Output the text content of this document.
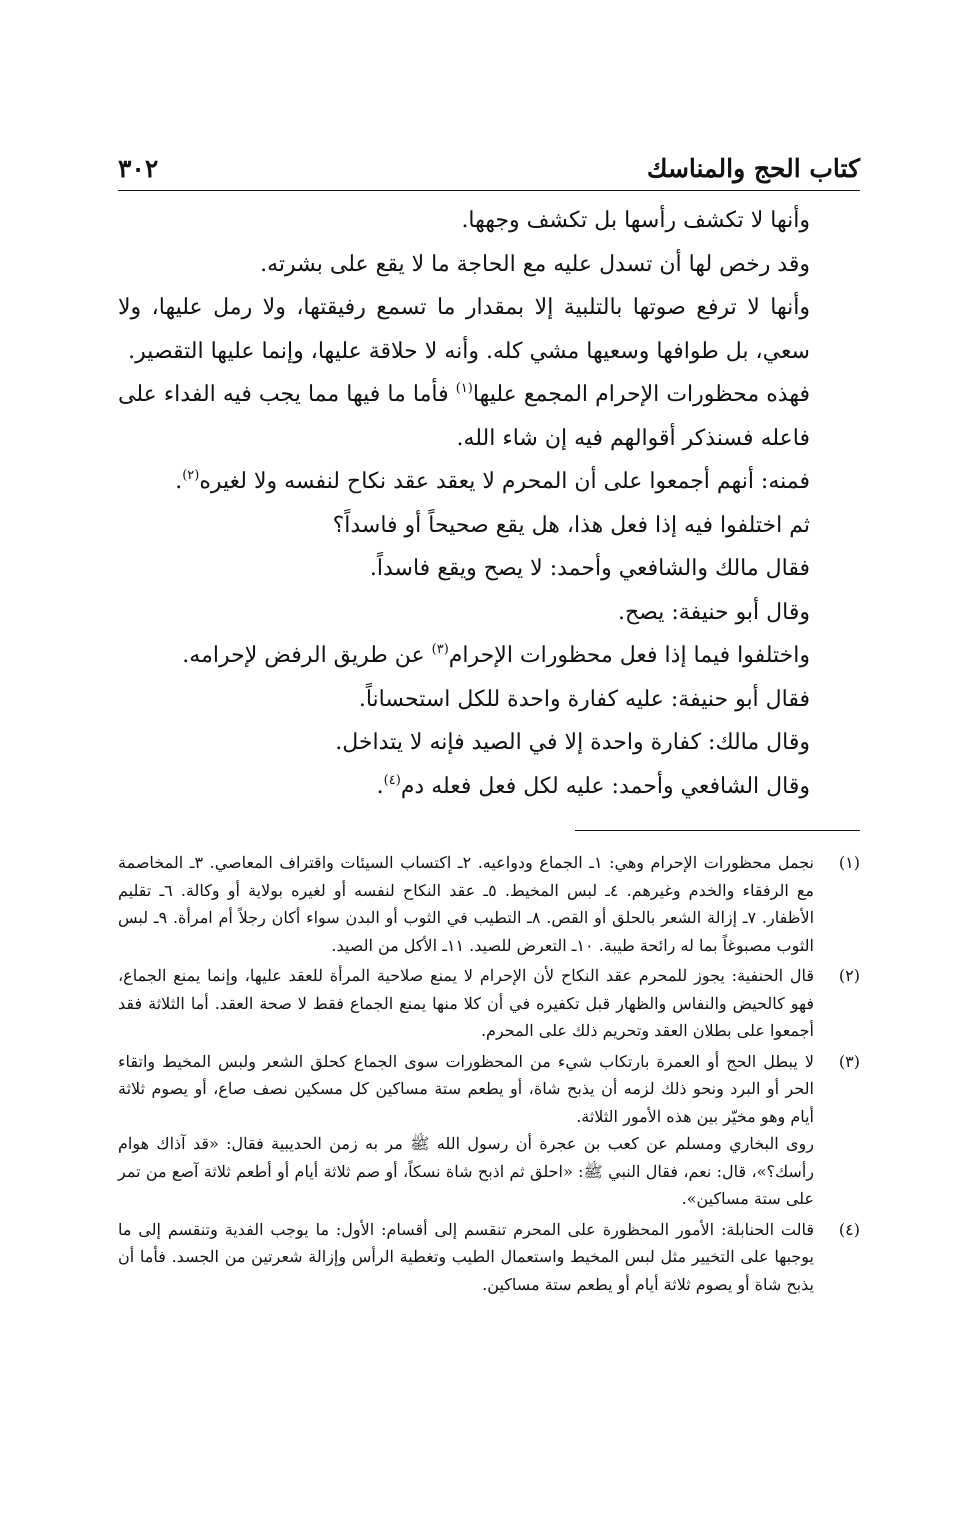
كتاب الحج والمناسك
٣٠٢

وأنها لا تكشف رأسها بل تكشف وجهها.

وقد رخص لها أن تسدل عليه مع الحاجة ما لا يقع على بشرته.

وأنها لا ترفع صوتها بالتلبية إلا بمقدار ما تسمع رفيقتها، ولا رمل عليها، ولا سعي، بل طوافها وسعيها مشي كله. وأنه لا حلاقة عليها، وإنما عليها التقصير.

فهذه محظورات الإحرام المجمع عليها$^{(١)}$ فأما ما فيها مما يجب فيه الفداء على فاعله فسنذكر أقوالهم فيه إن شاء الله.

فمنه: أنهم أجمعوا على أن المحرم لا يعقد عقد نكاح لنفسه ولا لغيره$^{(٢)}$.

ثم اختلفوا فيه إذا فعل هذا، هل يقع صحيحاً أو فاسداً؟

فقال مالك والشافعي وأحمد: لا يصح ويقع فاسداً.

وقال أبو حنيفة: يصح.

واختلفوا فيما إذا فعل محظورات الإحرام$^{(٣)}$ عن طريق الرفض لإحرامه.

فقال أبو حنيفة: عليه كفارة واحدة للكل استحساناً.

وقال مالك: كفارة واحدة إلا في الصيد فإنه لا يتداخل.

وقال الشافعي وأحمد: عليه لكل فعل فعله دم$^{(٤)}$.

(١)

نجمل محظورات الإحرام وهي: ١ـ الجماع ودواعيه. ٢ـ اكتساب السيئات واقتراف المعاصي. ٣ـ المخاصمة مع الرفقاء والخدم وغيرهم. ٤ـ لبس المخيط. ٥ـ عقد النكاح لنفسه أو لغيره بولاية أو وكالة. ٦ـ تقليم الأظفار. ٧ـ إزالة الشعر بالحلق أو القص. ٨ـ التطيب في الثوب أو البدن سواء أكان رجلاً أم امرأة. ٩ـ لبس الثوب مصبوغاً بما له رائحة طيبة. ١٠ـ التعرض للصيد. ١١ـ الأكل من الصيد.

(٢)

قال الحنفية: يجوز للمحرم عقد النكاح لأن الإحرام لا يمنع صلاحية المرأة للعقد عليها، وإنما يمنع الجماع، فهو كالحيض والنفاس والظهار قبل تكفيره في أن كلا منها يمنع الجماع فقط لا صحة العقد. أما الثلاثة فقد أجمعوا على بطلان العقد وتحريم ذلك على المحرم.

(٣)

لا يبطل الحج أو العمرة بارتكاب شيء من المحظورات سوى الجماع كحلق الشعر ولبس المخيط واتقاء الحر أو البرد ونحو ذلك لزمه أن يذبح شاة، أو يطعم ستة مساكين كل مسكين نصف صاع، أو يصوم ثلاثة أيام وهو مخيّر بين هذه الأمور الثلاثة.

روى البخاري ومسلم عن كعب بن عجرة أن رسول الله ﷺ مر به زمن الحديبية فقال: «قد آذاك هوام رأسك؟»، قال: نعم، فقال النبي ﷺ: «احلق ثم اذبح شاة نسكاً، أو صم ثلاثة أيام أو أطعم ثلاثة آصع من تمر على ستة مساكين».

(٤)

قالت الحنابلة: الأمور المحظورة على المحرم تنقسم إلى أقسام: الأول: ما يوجب الفدية وتنقسم إلى ما يوجبها على التخيير مثل لبس المخيط واستعمال الطيب وتغطية الرأس وإزالة شعرتين من الجسد. فأما أن يذبح شاة أو يصوم ثلاثة أيام أو يطعم ستة مساكين.
